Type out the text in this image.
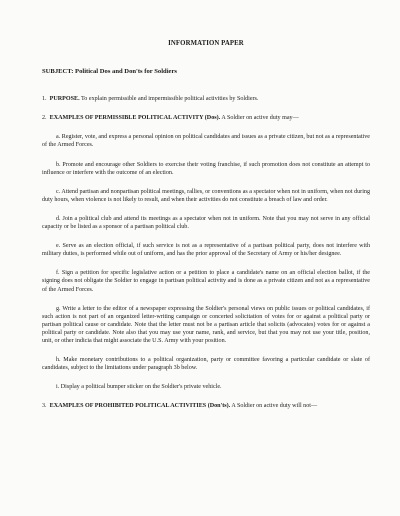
INFORMATION PAPER
SUBJECT: Political Dos and Don'ts for Soldiers
1. PURPOSE. To explain permissible and impermissible political activities by Soldiers.
2. EXAMPLES OF PERMISSIBLE POLITICAL ACTIVITY (Dos). A Soldier on active duty may—
a. Register, vote, and express a personal opinion on political candidates and issues as a private citizen, but not as a representative of the Armed Forces.
b. Promote and encourage other Soldiers to exercise their voting franchise, if such promotion does not constitute an attempt to influence or interfere with the outcome of an election.
c. Attend partisan and nonpartisan political meetings, rallies, or conventions as a spectator when not in uniform, when not during duty hours, when violence is not likely to result, and when their activities do not constitute a breach of law and order.
d. Join a political club and attend its meetings as a spectator when not in uniform. Note that you may not serve in any official capacity or be listed as a sponsor of a partisan political club.
e. Serve as an election official, if such service is not as a representative of a partisan political party, does not interfere with military duties, is performed while out of uniform, and has the prior approval of the Secretary of Army or his/her designee.
f. Sign a petition for specific legislative action or a petition to place a candidate's name on an official election ballot, if the signing does not obligate the Soldier to engage in partisan political activity and is done as a private citizen and not as a representative of the Armed Forces.
g. Write a letter to the editor of a newspaper expressing the Soldier's personal views on public issues or political candidates, if such action is not part of an organized letter-writing campaign or concerted solicitation of votes for or against a political party or partisan political cause or candidate. Note that the letter must not be a partisan article that solicits (advocates) votes for or against a political party or candidate. Note also that you may use your name, rank, and service, but that you may not use your title, position, unit, or other indicia that might associate the U.S. Army with your position.
h. Make monetary contributions to a political organization, party or committee favoring a particular candidate or slate of candidates, subject to the limitations under paragraph 3b below.
i. Display a political bumper sticker on the Soldier's private vehicle.
3. EXAMPLES OF PROHIBITED POLITICAL ACTIVITIES (Don'ts). A Soldier on active duty will not—
